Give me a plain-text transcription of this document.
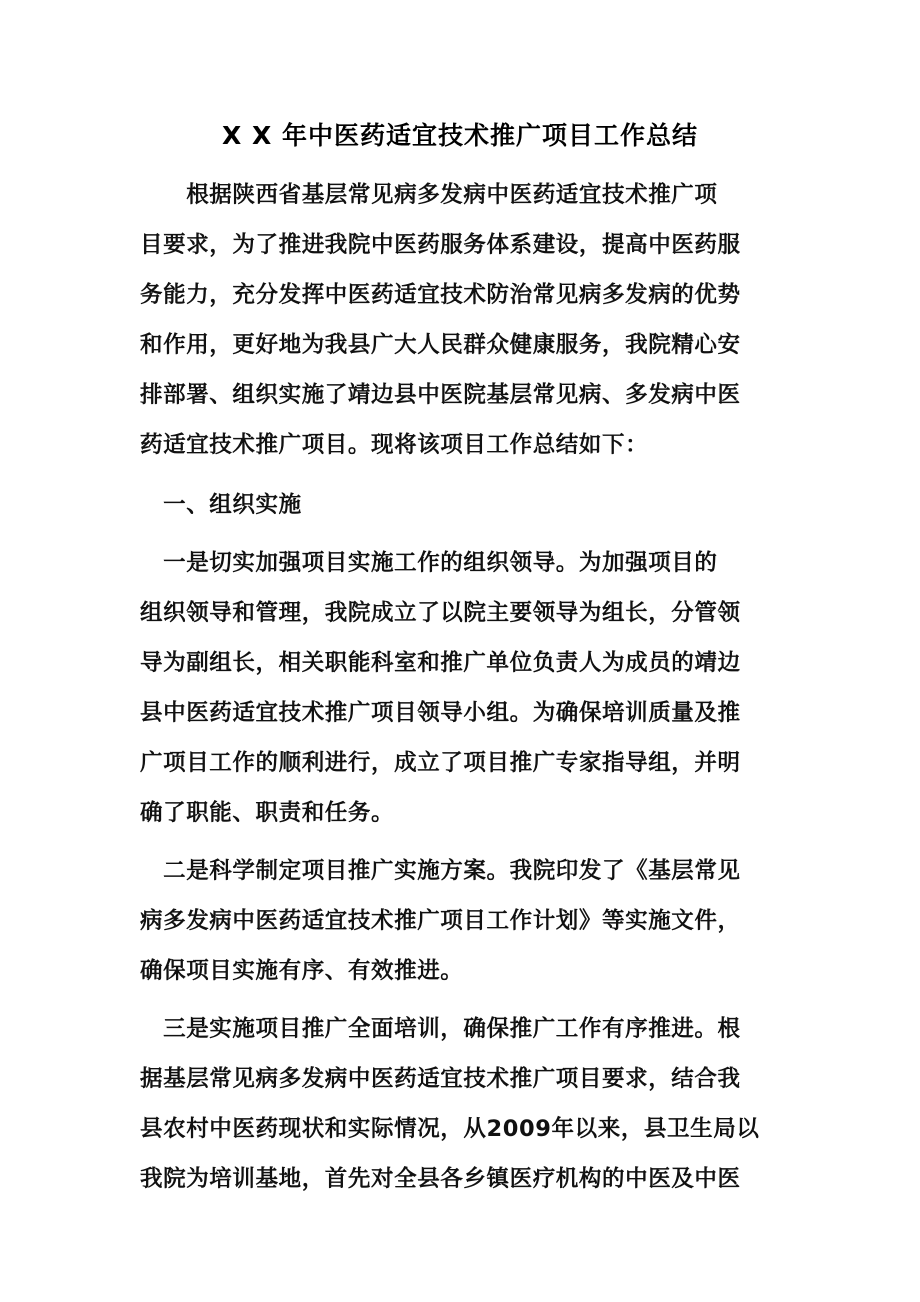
X X 年中医药适宜技术推广项目工作总结
　　根据陕西省基层常见病多发病中医药适宜技术推广项
目要求，为了推进我院中医药服务体系建设，提高中医药服
务能力，充分发挥中医药适宜技术防治常见病多发病的优势
和作用，更好地为我县广大人民群众健康服务，我院精心安
排部署、组织实施了靖边县中医院基层常见病、多发病中医
药适宜技术推广项目。现将该项目工作总结如下：
　一、组织实施
　一是切实加强项目实施工作的组织领导。为加强项目的
组织领导和管理，我院成立了以院主要领导为组长，分管领
导为副组长，相关职能科室和推广单位负责人为成员的靖边
县中医药适宜技术推广项目领导小组。为确保培训质量及推
广项目工作的顺利进行，成立了项目推广专家指导组，并明
确了职能、职责和任务。
　二是科学制定项目推广实施方案。我院印发了《基层常见
病多发病中医药适宜技术推广项目工作计划》等实施文件，
确保项目实施有序、有效推进。
　三是实施项目推广全面培训，确保推广工作有序推进。根
据基层常见病多发病中医药适宜技术推广项目要求，结合我
县农村中医药现状和实际情况，从2009年以来，县卫生局以
我院为培训基地，首先对全县各乡镇医疗机构的中医及中医
